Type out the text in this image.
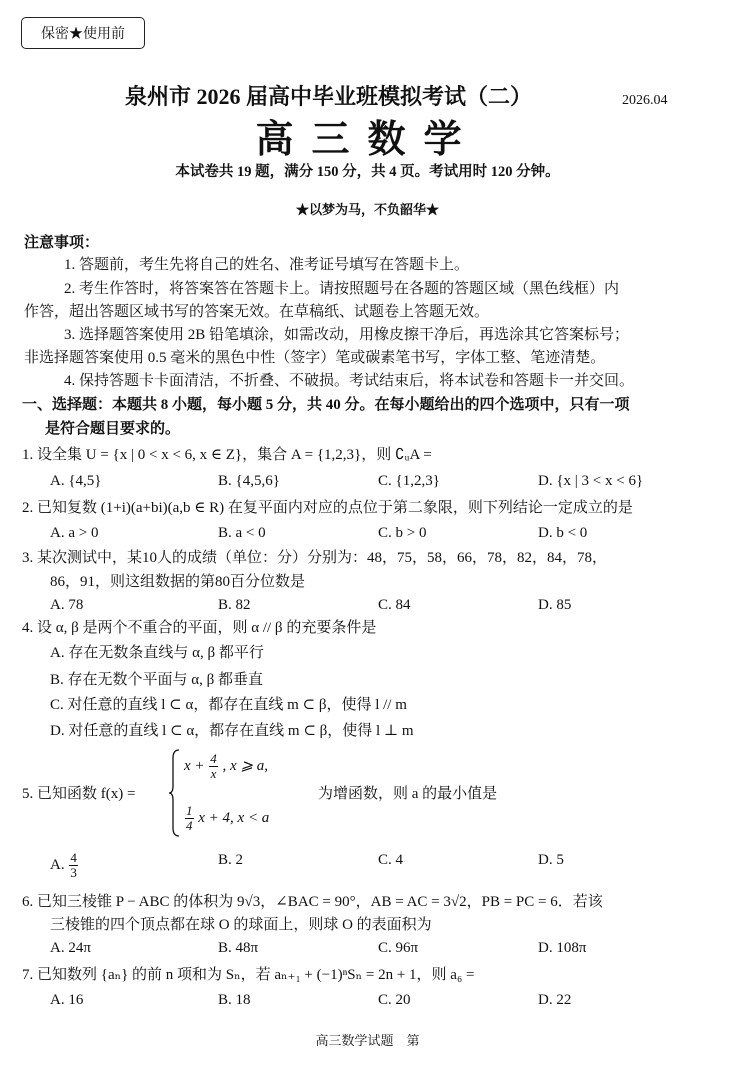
保密★使用前
泉州市 2026 届高中毕业班模拟考试（二）	2026.04
高三数学
本试卷共 19 题，满分 150 分，共 4 页。考试用时 120 分钟。
★以梦为马，不负韶华★
注意事项：
1. 答题前，考生先将自己的姓名、准考证号填写在答题卡上。
2. 考生作答时，将答案答在答题卡上。请按照题号在各题的答题区域（黑色线框）内
作答，超出答题区域书写的答案无效。在草稿纸、试题卷上答题无效。
3. 选择题答案使用 2B 铅笔填涂，如需改动，用橡皮擦干净后，再选涂其它答案标号；
非选择题答案使用 0.5 毫米的黑色中性（签字）笔或碳素笔书写，字体工整、笔迹清楚。
4. 保持答题卡卡面清洁，不折叠、不破损。考试结束后，将本试卷和答题卡一并交回。
一、选择题：本题共 8 小题，每小题 5 分，共 40 分。在每小题给出的四个选项中，只有一项
是符合题目要求的。
1. 设全集 U = {x | 0 < x < 6, x ∈ Z}，集合 A = {1,2,3}，则 ∁ᵤA =
A. {4,5}	B. {4,5,6}	C. {1,2,3}	D. {x | 3 < x < 6}
2. 已知复数 (1+i)(a+bi)(a,b ∈ R) 在复平面内对应的点位于第二象限，则下列结论一定成立的是
A. a > 0	B. a < 0	C. b > 0	D. b < 0
3. 某次测试中，某10人的成绩（单位：分）分别为：48，75，58，66，78，82，84，78，
86，91，则这组数据的第80百分位数是
A. 78	B. 82	C. 84	D. 85
4. 设 α, β 是两个不重合的平面，则 α // β 的充要条件是
A. 存在无数条直线与 α, β 都平行
B. 存在无数个平面与 α, β 都垂直
C. 对任意的直线 l ⊂ α，都存在直线 m ⊂ β，使得 l // m
D. 对任意的直线 l ⊂ α，都存在直线 m ⊂ β，使得 l ⊥ m
5. 已知函数 f(x) =
$x + \frac{4}{x}$ , x ⩾ a,
$\frac{1}{4}$ x + 4, x < a
为增函数，则 a 的最小值是
A. $\frac{4}{3}$	B. 2	C. 4	D. 5
6. 已知三棱锥 P − ABC 的体积为 9√3，∠BAC = 90°，AB = AC = 3√2，PB = PC = 6．若该
三棱锥的四个顶点都在球 O 的球面上，则球 O 的表面积为
A. 24π	B. 48π	C. 96π	D. 108π
7. 已知数列 {aₙ} 的前 n 项和为 Sₙ，若 aₙ₊₁ + (−1)ⁿSₙ = 2n + 1，则 a₆ =
A. 16	B. 18	C. 20	D. 22
高三数学试题　第
